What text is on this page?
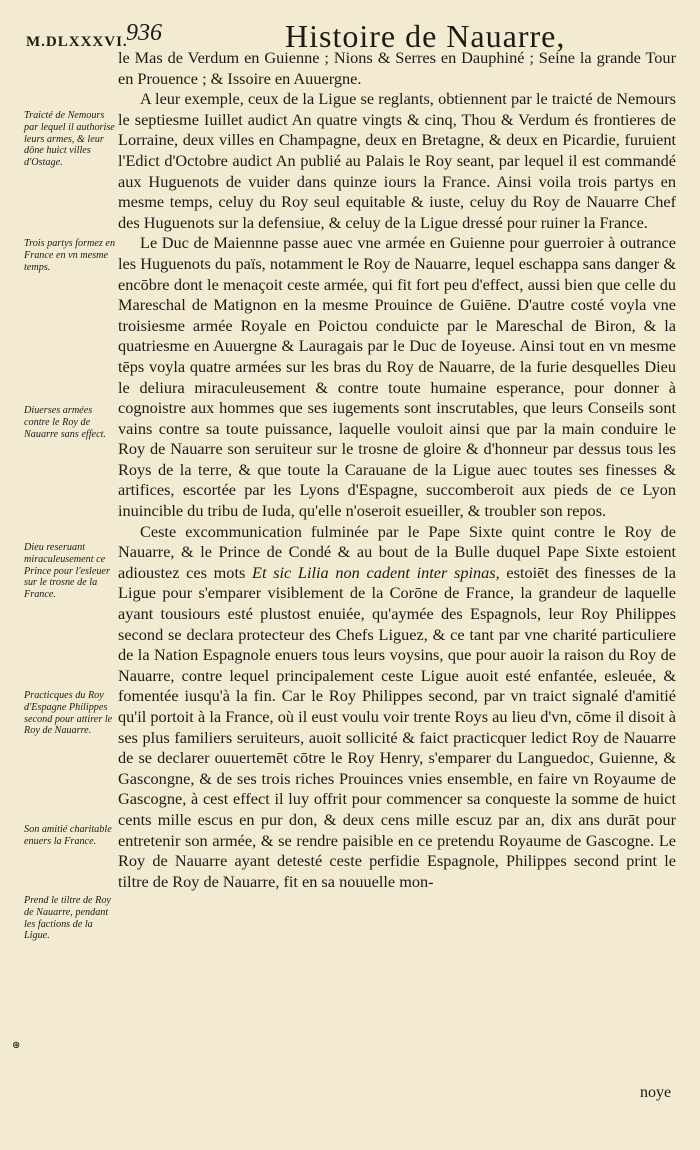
M.DLXXXVI.
936	Histoire de Nauarre,
Traicté de Nemours par lequel il authorise leurs armes, & leur dône huict villes d'Ostage.
Trois partys formez en France en vn mesme temps.
Diuerses armées contre le Roy de Nauarre sans effect.
Dieu reseruant miraculeusement ce Prince pour l'esleuer sur le trosne de la France.
Practicques du Roy d'Espagne Philippes second pour attirer le Roy de Nauarre.
Son amitié charitable enuers la France.
Prend le tiltre de Roy de Nauarre, pendant les factions de la Ligue.
⊛

le Mas de Verdum en Guienne ; Nions & Serres en Dauphiné ; Seine la grande Tour en Prouence ; & Issoire en Auuergne.

A leur exemple, ceux de la Ligue se reglants, obtiennent par le traicté de Nemours le septiesme Iuillet audict An quatre vingts & cinq, Thou & Verdum és frontieres de Lorraine, deux villes en Champagne, deux en Bretagne, & deux en Picardie, furuient l'Edict d'Octobre audict An publié au Palais le Roy seant, par lequel il est commandé aux Huguenots de vuider dans quinze iours la France. Ainsi voila trois partys en mesme temps, celuy du Roy seul equitable & iuste, celuy du Roy de Nauarre Chef des Huguenots sur la defensiue, & celuy de la Ligue dressé pour ruiner la France.

Le Duc de Maiennne passe auec vne armée en Guienne pour guerroier à outrance les Huguenots du païs, notamment le Roy de Nauarre, lequel eschappa sans danger & encōbre dont le menaçoit ceste armée, qui fit fort peu d'effect, aussi bien que celle du Mareschal de Matignon en la mesme Prouince de Guiēne. D'autre costé voyla vne troisiesme armée Royale en Poictou conduicte par le Mareschal de Biron, & la quatriesme en Auuergne & Lauragais par le Duc de Ioyeuse. Ainsi tout en vn mesme tēps voyla quatre armées sur les bras du Roy de Nauarre, de la furie desquelles Dieu le deliura miraculeusement & contre toute humaine esperance, pour donner à cognoistre aux hommes que ses iugements sont inscrutables, que leurs Conseils sont vains contre sa toute puissance, laquelle vouloit ainsi que par la main conduire le Roy de Nauarre son seruiteur sur le trosne de gloire & d'honneur par dessus tous les Roys de la terre, & que toute la Carauane de la Ligue auec toutes ses finesses & artifices, escortée par les Lyons d'Espagne, succomberoit aux pieds de ce Lyon inuincible du tribu de Iuda, qu'elle n'oseroit esueiller, & troubler son repos.

Ceste excommunication fulminée par le Pape Sixte quint contre le Roy de Nauarre, & le Prince de Condé & au bout de la Bulle duquel Pape Sixte estoient adioustez ces mots Et sic Lilia non cadent inter spinas, estoiēt des finesses de la Ligue pour s'emparer visiblement de la Corōne de France, la grandeur de laquelle ayant tousiours esté plustost enuiée, qu'aymée des Espagnols, leur Roy Philippes second se declara protecteur des Chefs Liguez, & ce tant par vne charité particuliere de la Nation Espagnole enuers tous leurs voysins, que pour auoir la raison du Roy de Nauarre, contre lequel principalement ceste Ligue auoit esté enfantée, esleuée, & fomentée iusqu'à la fin. Car le Roy Philippes second, par vn traict signalé d'amitié qu'il portoit à la France, où il eust voulu voir trente Roys au lieu d'vn, cōme il disoit à ses plus familiers seruiteurs, auoit sollicité & faict practicquer ledict Roy de Nauarre de se declarer ouuertemēt cōtre le Roy Henry, s'emparer du Languedoc, Guienne, & Gascongne, & de ses trois riches Prouinces vnies ensemble, en faire vn Royaume de Gascogne, à cest effect il luy offrit pour commencer sa conqueste la somme de huict cents mille escus en pur don, & deux cens mille escuz par an, dix ans durāt pour entretenir son armée, & se rendre paisible en ce pretendu Royaume de Gascogne. Le Roy de Nauarre ayant detesté ceste perfidie Espagnole, Philippes second print le tiltre de Roy de Nauarre, fit en sa nouuelle mon-

noye
